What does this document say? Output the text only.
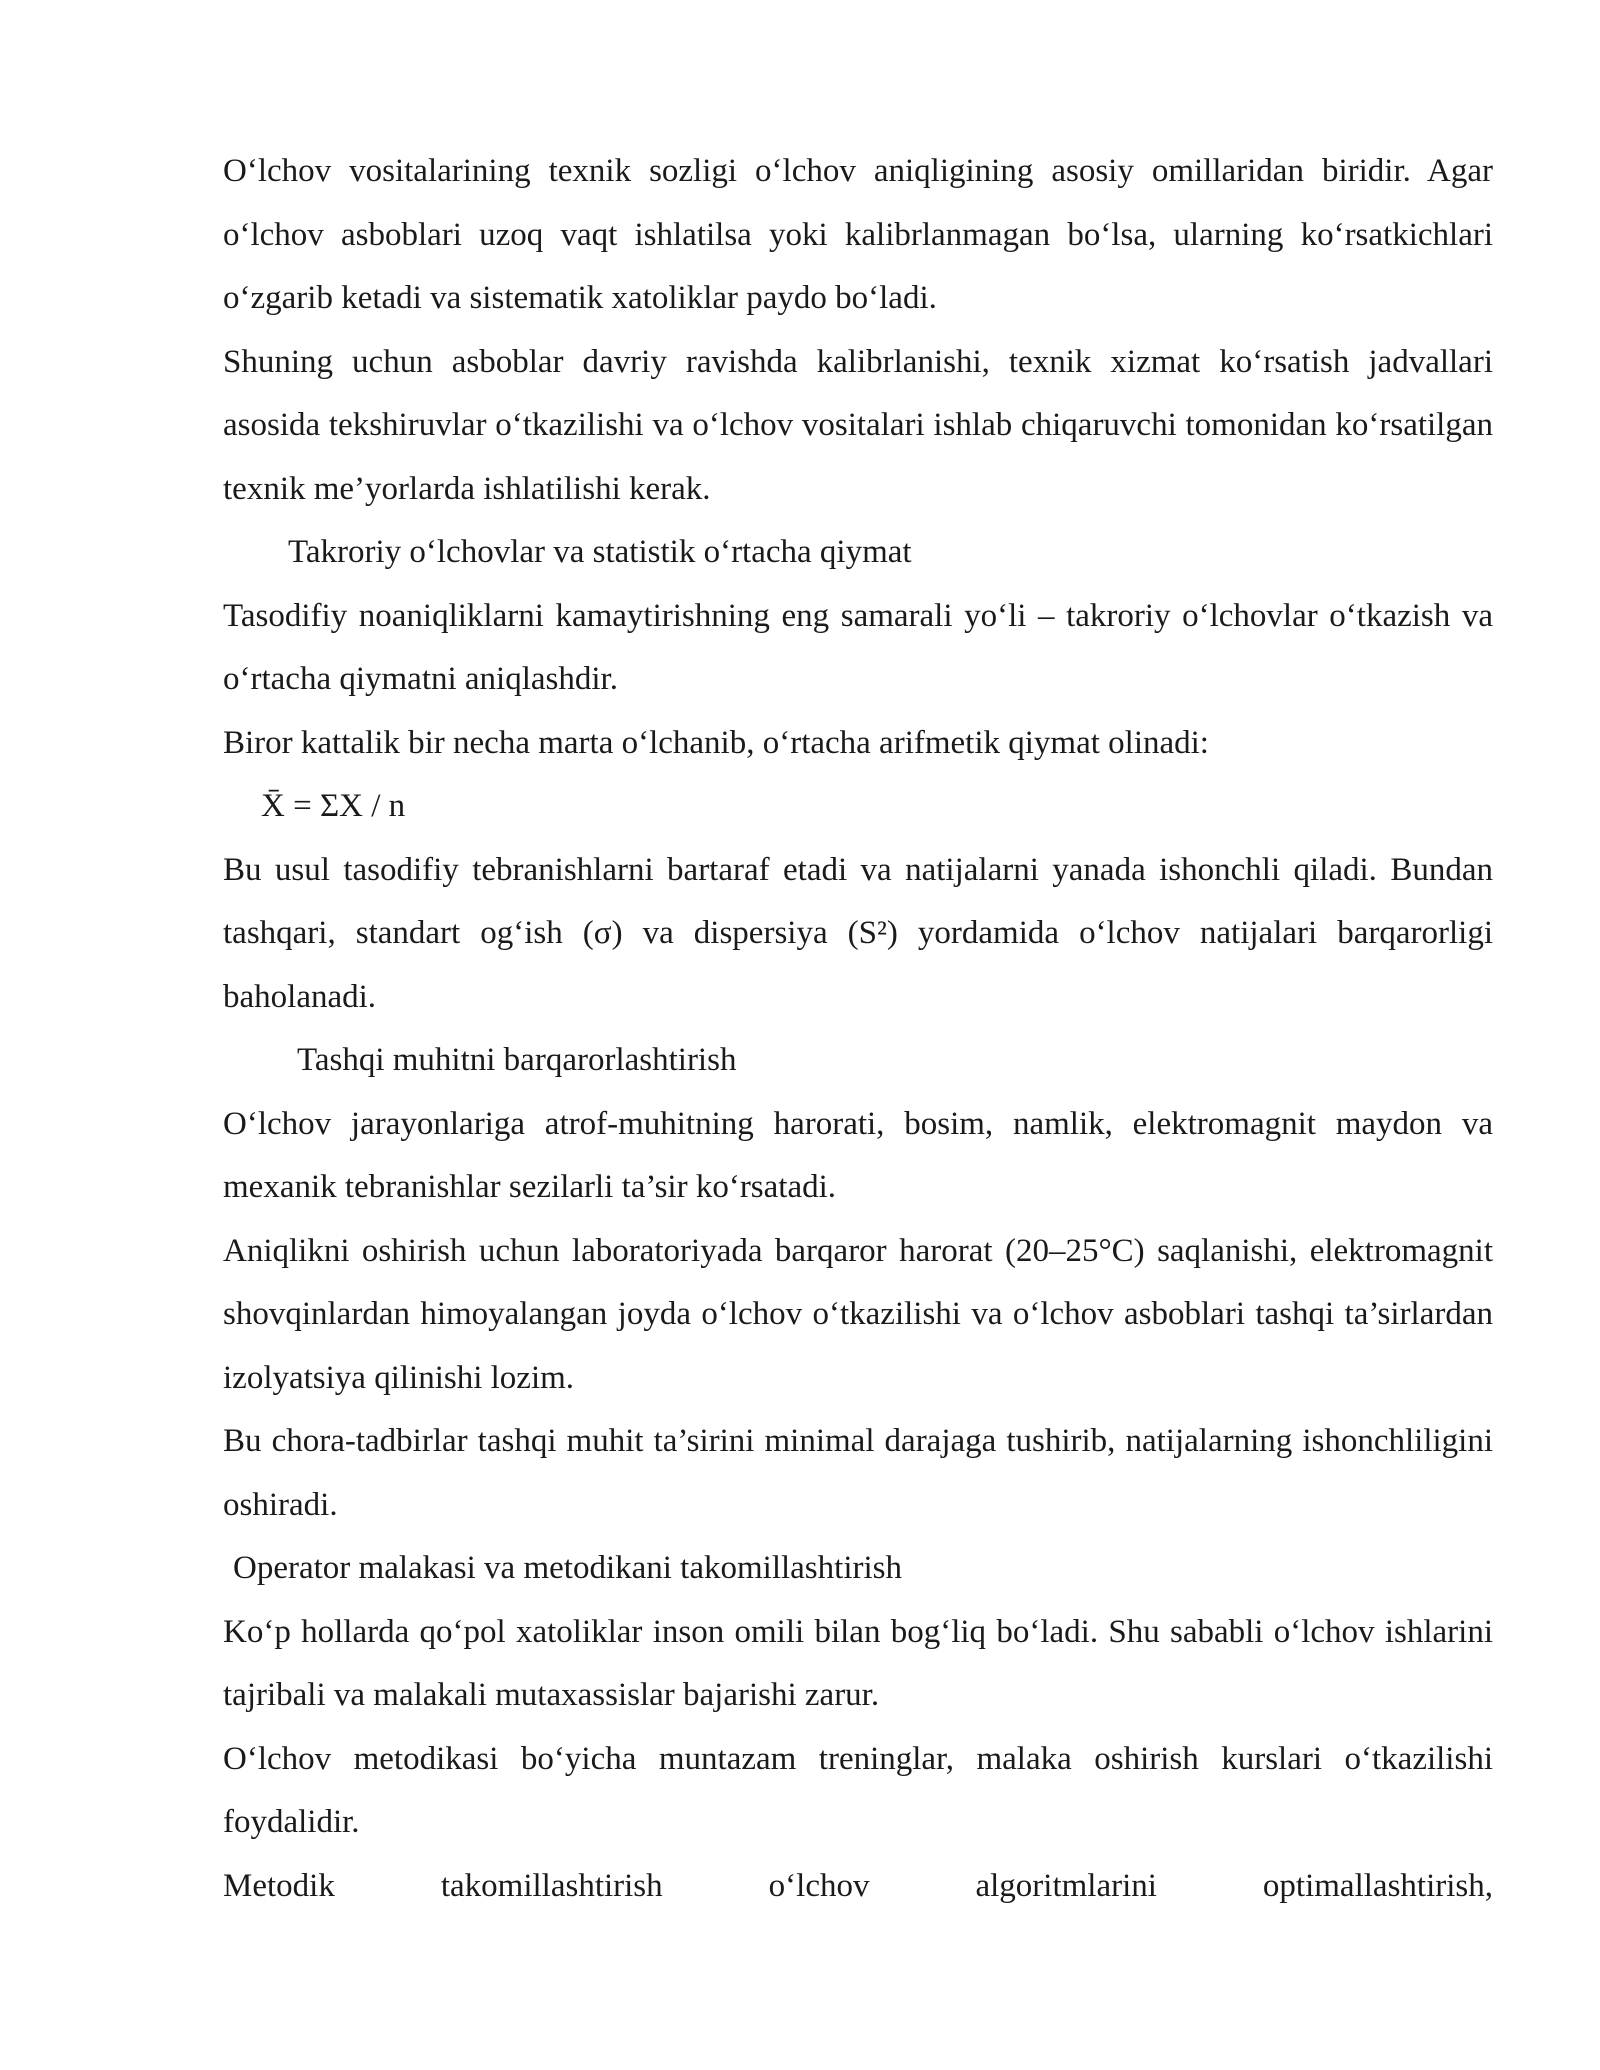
O‘lchov vositalarining texnik sozligi o‘lchov aniqligining asosiy omillaridan biridir. Agar o‘lchov asboblari uzoq vaqt ishlatilsa yoki kalibrlanmagan bo‘lsa, ularning ko‘rsatkichlari o‘zgarib ketadi va sistematik xatoliklar paydo bo‘ladi.

Shuning uchun asboblar davriy ravishda kalibrlanishi, texnik xizmat ko‘rsatish jadvallari asosida tekshiruvlar o‘tkazilishi va o‘lchov vositalari ishlab chiqaruvchi tomonidan ko‘rsatilgan texnik me’yorlarda ishlatilishi kerak.

Takroriy o‘lchovlar va statistik o‘rtacha qiymat

Tasodifiy noaniqliklarni kamaytirishning eng samarali yo‘li – takroriy o‘lchovlar o‘tkazish va o‘rtacha qiymatni aniqlashdir.

Biror kattalik bir necha marta o‘lchanib, o‘rtacha arifmetik qiymat olinadi:

X̄ = ΣX / n

Bu usul tasodifiy tebranishlarni bartaraf etadi va natijalarni yanada ishonchli qiladi. Bundan tashqari, standart og‘ish (σ) va dispersiya (S²) yordamida o‘lchov natijalari barqarorligi baholanadi.

Tashqi muhitni barqarorlashtirish

O‘lchov jarayonlariga atrof-muhitning harorati, bosim, namlik, elektromagnit maydon va mexanik tebranishlar sezilarli ta’sir ko‘rsatadi.

Aniqlikni oshirish uchun laboratoriyada barqaror harorat (20–25°C) saqlanishi, elektromagnit shovqinlardan himoyalangan joyda o‘lchov o‘tkazilishi va o‘lchov asboblari tashqi ta’sirlardan izolyatsiya qilinishi lozim.

Bu chora-tadbirlar tashqi muhit ta’sirini minimal darajaga tushirib, natijalarning ishonchliligini oshiradi.

Operator malakasi va metodikani takomillashtirish

Ko‘p hollarda qo‘pol xatoliklar inson omili bilan bog‘liq bo‘ladi. Shu sababli o‘lchov ishlarini tajribali va malakali mutaxassislar bajarishi zarur.

O‘lchov metodikasi bo‘yicha muntazam treninglar, malaka oshirish kurslari o‘tkazilishi foydalidir.

Metodik takomillashtirish o‘lchov algoritmlarini optimallashtirish,
